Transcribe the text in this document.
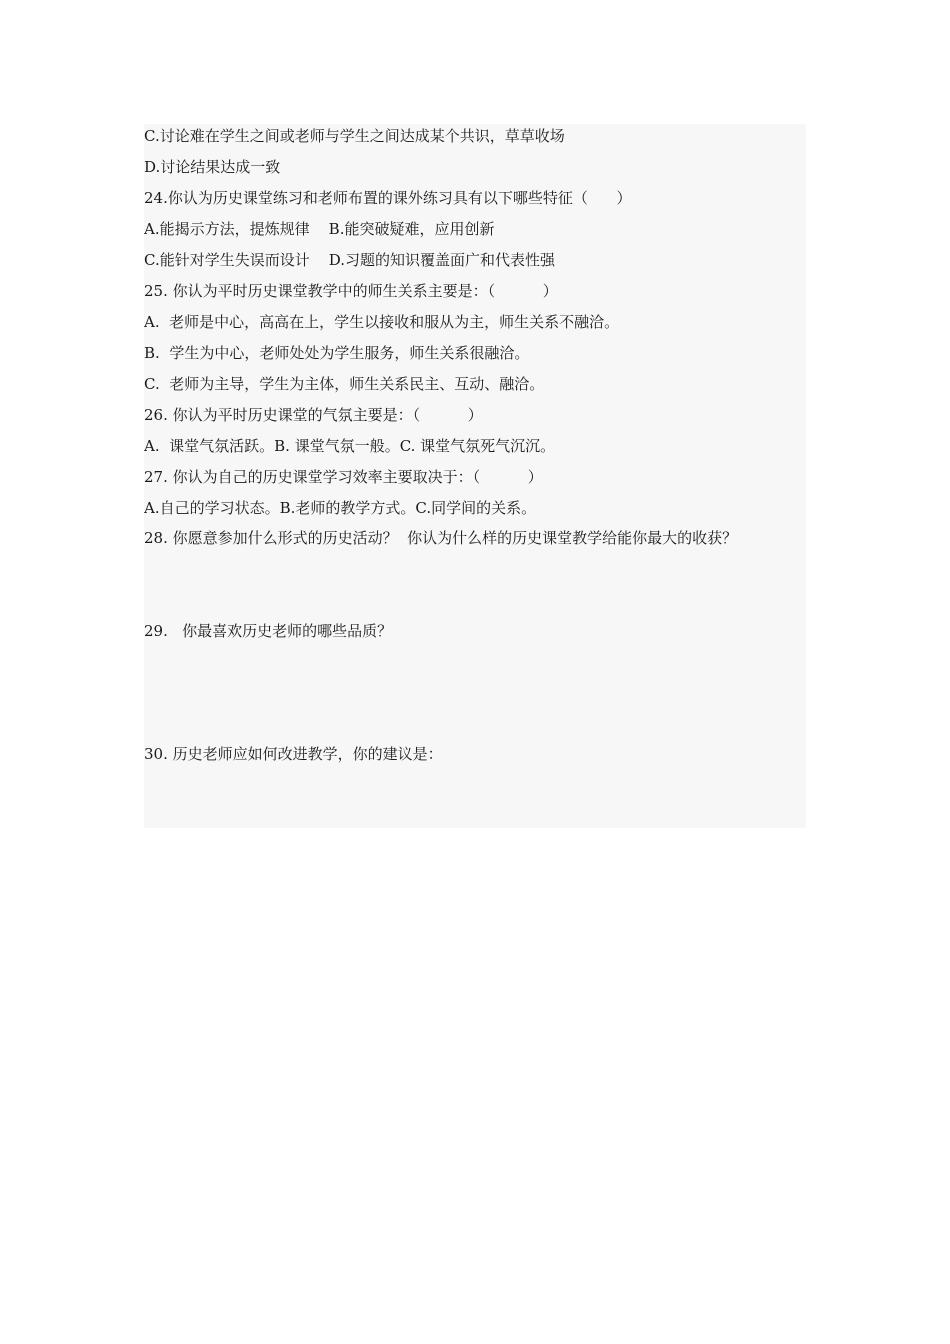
C.讨论难在学生之间或老师与学生之间达成某个共识，草草收场
D.讨论结果达成一致
24.你认为历史课堂练习和老师布置的课外练习具有以下哪些特征（      ）
A.能揭示方法，提炼规律    B.能突破疑难，应用创新
C.能针对学生失误而设计    D.习题的知识覆盖面广和代表性强
25. 你认为平时历史课堂教学中的师生关系主要是：（          ）
A.  老师是中心，高高在上，学生以接收和服从为主，师生关系不融洽。
B.  学生为中心，老师处处为学生服务，师生关系很融洽。
C.  老师为主导，学生为主体，师生关系民主、互动、融洽。
26. 你认为平时历史课堂的气氛主要是：（          ）
A.  课堂气氛活跃。B. 课堂气氛一般。C. 课堂气氛死气沉沉。
27. 你认为自己的历史课堂学习效率主要取决于：（          ）
A.自己的学习状态。B.老师的教学方式。C.同学间的关系。
28. 你愿意参加什么形式的历史活动？  你认为什么样的历史课堂教学给能你最大的收获？
29.   你最喜欢历史老师的哪些品质？
30. 历史老师应如何改进教学，你的建议是：
